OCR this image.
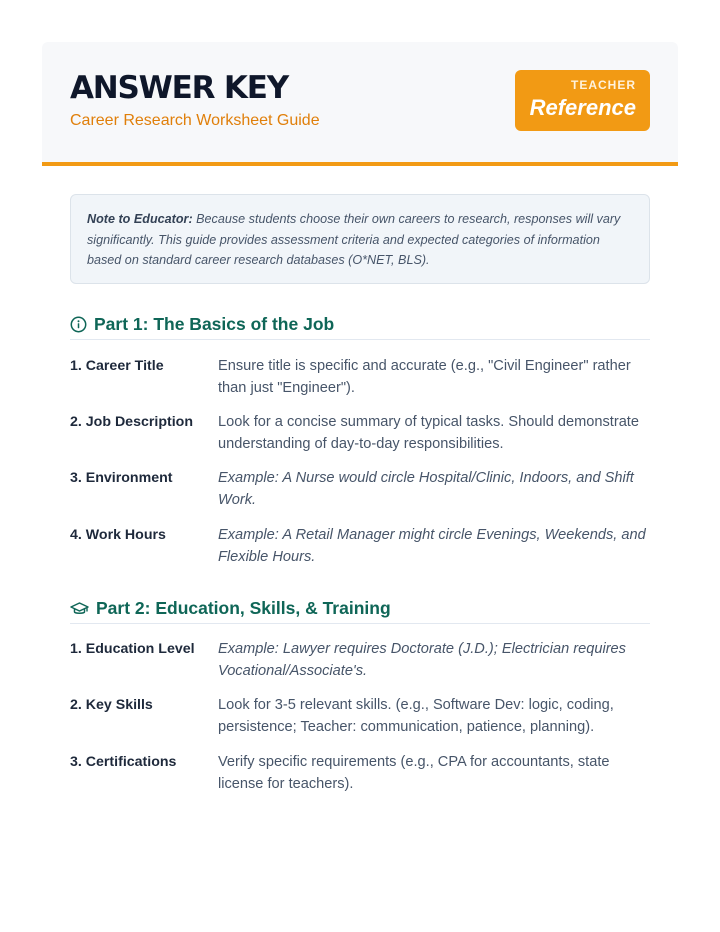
ANSWER KEY
Career Research Worksheet Guide
TEACHER
Reference
Note to Educator: Because students choose their own careers to research, responses will vary significantly. This guide provides assessment criteria and expected categories of information based on standard career research databases (O*NET, BLS).
Part 1: The Basics of the Job
1. Career Title	Ensure title is specific and accurate (e.g., "Civil Engineer" rather than just "Engineer").
2. Job Description	Look for a concise summary of typical tasks. Should demonstrate understanding of day-to-day responsibilities.
3. Environment	Example: A Nurse would circle Hospital/Clinic, Indoors, and Shift Work.
4. Work Hours	Example: A Retail Manager might circle Evenings, Weekends, and Flexible Hours.
Part 2: Education, Skills, & Training
1. Education Level	Example: Lawyer requires Doctorate (J.D.); Electrician requires Vocational/Associate's.
2. Key Skills	Look for 3-5 relevant skills. (e.g., Software Dev: logic, coding, persistence; Teacher: communication, patience, planning).
3. Certifications	Verify specific requirements (e.g., CPA for accountants, state license for teachers).
